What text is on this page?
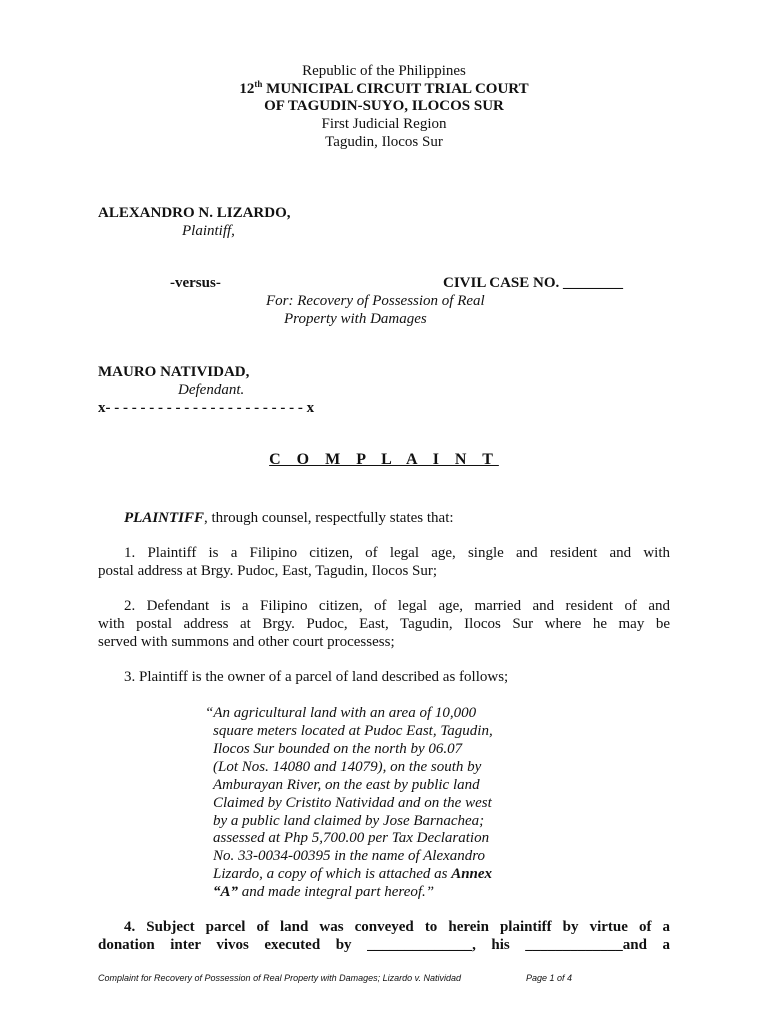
Republic of the Philippines
12th MUNICIPAL CIRCUIT TRIAL COURT
OF TAGUDIN-SUYO, ILOCOS SUR
First Judicial Region
Tagudin, Ilocos Sur
ALEXANDRO N. LIZARDO,
Plaintiff,
-versus-	CIVIL CASE NO. ________
For: Recovery of Possession of Real
Property with Damages
MAURO NATIVIDAD,
Defendant.
x- - - - - - - - - - - - - - - - - - - - - - - x
C O M P L A I N T
PLAINTIFF, through counsel, respectfully states that:
1. Plaintiff is a Filipino citizen, of legal age, single and resident and with
postal address at Brgy. Pudoc, East, Tagudin, Ilocos Sur;
2. Defendant is a Filipino citizen, of legal age, married and resident of and
with postal address at Brgy. Pudoc, East, Tagudin, Ilocos Sur where he may be
served with summons and other court processess;
3. Plaintiff is the owner of a parcel of land described as follows;
“An agricultural land with an area of 10,000
square meters located at Pudoc East, Tagudin,
Ilocos Sur bounded on the north by 06.07
(Lot Nos. 14080 and 14079), on the south by
Amburayan River, on the east by public land
Claimed by Cristito Natividad and on the west
by a public land claimed by Jose Barnachea;
assessed at Php 5,700.00 per Tax Declaration
No. 33-0034-00395 in the name of Alexandro
Lizardo, a copy of which is attached as Annex
“A” and made integral part hereof.”
4. Subject parcel of land was conveyed to herein plaintiff by virtue of a
donation inter vivos executed by ______________, his _____________and a
Complaint for Recovery of Possession of Real Property with Damages; Lizardo v. Natividad	Page 1 of 4
